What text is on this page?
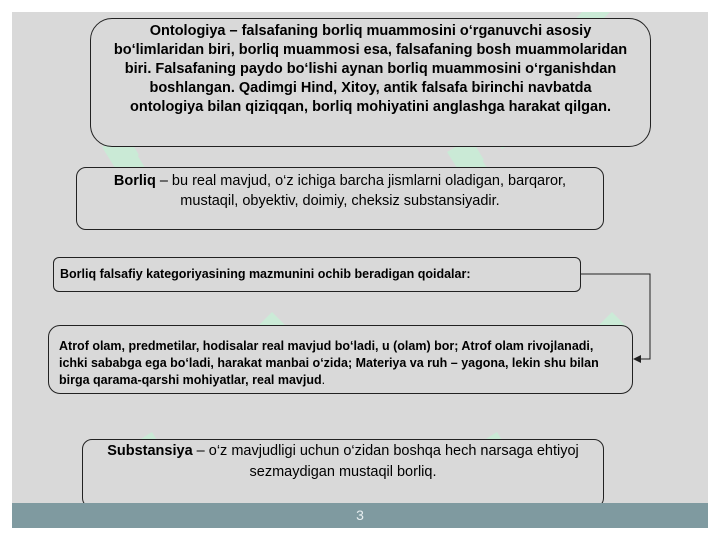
Ontologiya – falsafaning borliq muammosini o‘rganuvchi asosiy bo‘limlaridan biri, borliq muammosi esa, falsafaning bosh muammolaridan biri. Falsafaning paydo bo‘lishi aynan borliq muammosini o‘rganishdan boshlangan. Qadimgi Hind, Xitoy, antik falsafa birinchi navbatda ontologiya bilan qiziqqan, borliq mohiyatini anglashga harakat qilgan.
Borliq – bu real mavjud, o‘z ichiga barcha jismlarni oladigan, barqaror, mustaqil, obyektiv, doimiy, cheksiz substansiyadir.
Borliq falsafiy kategoriyasining mazmunini ochib beradigan qoidalar:
Atrof olam, predmetilar, hodisalar real mavjud bo‘ladi, u (olam) bor; Atrof olam rivojlanadi, ichki sababga ega bo‘ladi, harakat manbai o‘zida; Materiya va ruh – yagona, lekin shu bilan birga qarama-qarshi mohiyatlar, real mavjud.
Substansiya – o‘z mavjudligi uchun o‘zidan boshqa hech narsaga ehtiyoj sezmaydigan mustaqil borliq.
3
